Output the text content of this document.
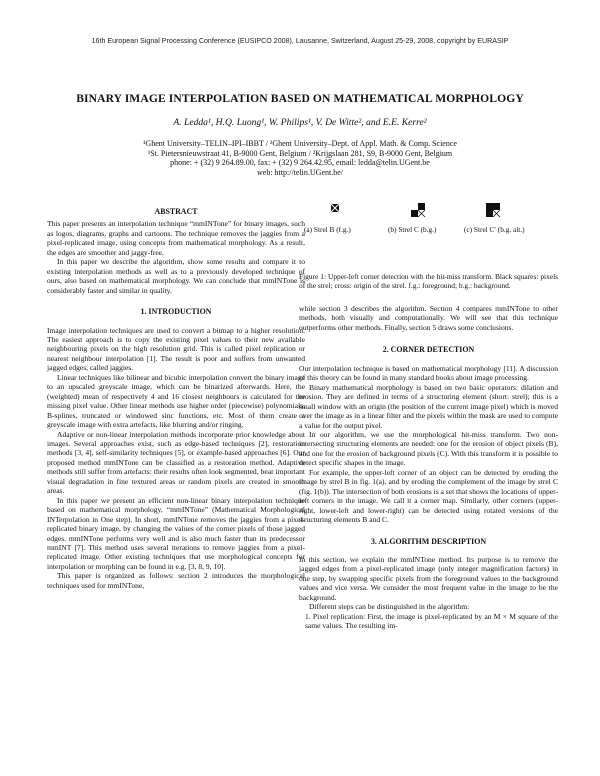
16th European Signal Processing Conference (EUSIPCO 2008), Lausanne, Switzerland, August 25-29, 2008, copyright by EURASIP
BINARY IMAGE INTERPOLATION BASED ON MATHEMATICAL MORPHOLOGY
A. Ledda¹, H.Q. Luong¹, W. Philips¹, V. De Witte², and E.E. Kerre²
¹Ghent University–TELIN–IPI–IBBT / ²Ghent University–Dept. of Appl. Math. & Comp. Science
¹St. Pietersnieuwstraat 41, B-9000 Gent, Belgium / ²Krijgslaan 281, S9, B-9000 Gent, Belgium
phone: + (32) 9 264.89.00, fax: + (32) 9 264.42.95, email: ledda@telin.UGent.be
web: http://telin.UGent.be/
ABSTRACT

This paper presents an interpolation technique “mmINTone” for binary images, such as logos, diagrams, graphs and cartoons. The technique removes the jaggies from a pixel-replicated image, using concepts from mathematical morphology. As a result, the edges are smoother and jaggy-free.

In this paper we describe the algorithm, show some results and compare it to existing interpolation methods as well as to a previously developed technique of ours, also based on mathematical morphology. We can conclude that mmINTone is considerably faster and similar in quality.

1. INTRODUCTION

Image interpolation techniques are used to convert a bitmap to a higher resolution. The easiest approach is to copy the existing pixel values to their new available neighbouring pixels on the high resolution grid. This is called pixel replication or nearest neighbour interpolation [1]. The result is poor and suffers from unwanted jagged edges, called jaggies.

Linear techniques like bilinear and bicubic interpolation convert the binary image to an upscaled greyscale image, which can be binarized afterwards. Here, the (weighted) mean of respectively 4 and 16 closest neighbours is calculated for the missing pixel value. Other linear methods use higher order (piecewise) polynomials, B-splines, truncated or windowed sinc functions, etc. Most of them create a greyscale image with extra artefacts, like blurring and/or ringing.

Adaptive or non-linear interpolation methods incorporate prior knowledge about images. Several approaches exist, such as edge-based techniques [2], restoration methods [3, 4], self-similarity techniques [5], or example-based approaches [6]. Our proposed method mmINTone can be classified as a restoration method. Adaptive methods still suffer from artefacts: their results often look segmented, bear important visual degradation in fine textured areas or random pixels are created in smooth areas.

In this paper we present an efficient non-linear binary interpolation technique based on mathematical morphology, “mmINTone” (Mathematical Morphological INTerpolation in One step). In short, mmINTone removes the jaggies from a pixel-replicated binary image, by changing the values of the corner pixels of those jagged edges. mmINTone performs very well and is also much faster than its predecessor mmINT [7]. This method uses several iterations to remove jaggies from a pixel-replicated image. Other existing techniques that use morphological concepts for interpolation or morphing can be found in e.g. [3, 8, 9, 10].

This paper is organized as follows: section 2 introduces the morphological techniques used for mmINTone,

(a) Strel B (f.g.)	(b) Strel C (b.g.)	(c) Strel C′ (b.g. alt.)
Figure 1: Upper-left corner detection with the hit-miss transform. Black squares: pixels of the strel; cross: origin of the strel. f.g.: foreground; b.g.: background.

while section 3 describes the algorithm. Section 4 compares mmINTone to other methods, both visually and computationally. We will see that this technique outperforms other methods. Finally, section 5 draws some conclusions.

2. CORNER DETECTION

Our interpolation technique is based on mathematical morphology [11]. A discussion of this theory can be found in many standard books about image processing.

Binary mathematical morphology is based on two basic operators: dilation and erosion. They are defined in terms of a structuring element (short: strel); this is a small window with an origin (the position of the current image pixel) which is moved over the image as in a linear filter and the pixels within the mask are used to compute a value for the output pixel.

In our algorithm, we use the morphological hit-miss transform. Two non-intersecting structuring elements are needed: one for the erosion of object pixels (B), and one for the erosion of background pixels (C). With this transform it is possible to detect specific shapes in the image.

For example, the upper-left corner of an object can be detected by eroding the image by strel B in fig. 1(a), and by eroding the complement of the image by strel C (fig. 1(b)). The intersection of both erosions is a set that shows the locations of upper-left corners in the image. We call it a corner map. Similarly, other corners (upper-right, lower-left and lower-right) can be detected using rotated versions of the structuring elements B and C.

3. ALGORITHM DESCRIPTION

In this section, we explain the mmINTone method. Its purpose is to remove the jagged edges from a pixel-replicated image (only integer magnification factors) in one step, by swapping specific pixels from the foreground values to the background values and vice versa. We consider the most frequent value in the image to be the background.

Different steps can be distinguished in the algorithm:

1. Pixel replication: First, the image is pixel-replicated by an M × M square of the same values. The resulting im-
